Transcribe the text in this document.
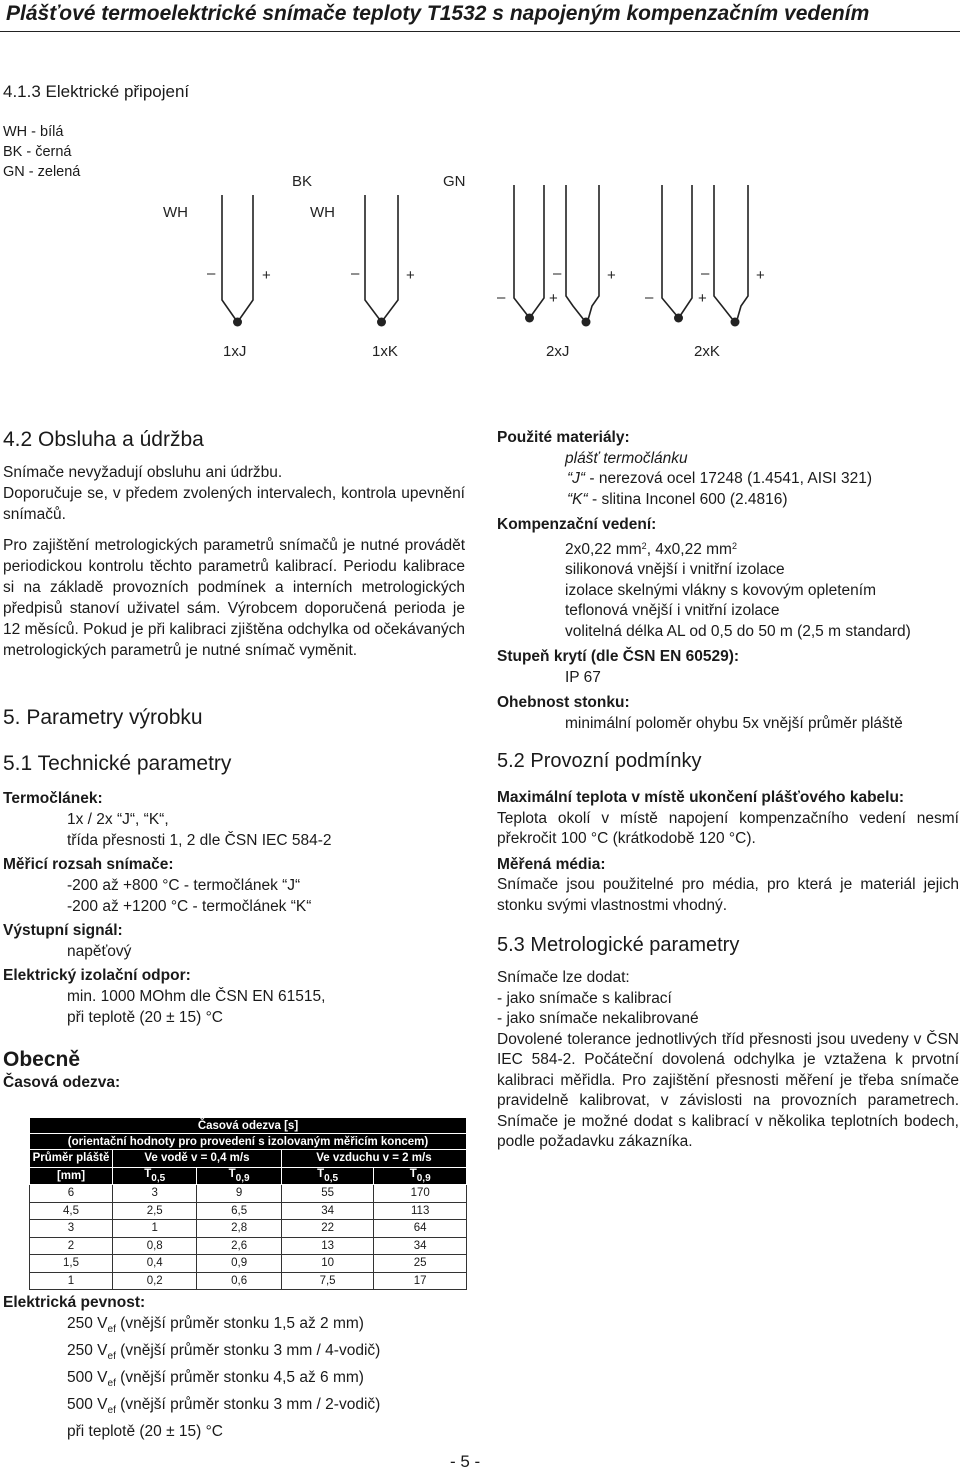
Plášťové termoelektrické snímače teploty T1532 s napojeným kompenzačním vedením
4.1.3 Elektrické připojení
WH - bílá
BK - černá
GN - zelená
WH
BK
WH
GN
–	+	–	+
–	+
–	+
–	+
–	+
1xJ	1xK	2xJ	2xK
4.2 Obsluha a údržba
Snímače nevyžadují obsluhu ani údržbu.
Doporučuje se, v předem zvolených intervalech, kontrola upevnění snímačů.
Pro zajištění metrologických parametrů snímačů je nutné provádět periodickou kontrolu těchto parametrů kalibrací. Periodu kalibrace si na základě provozních podmínek a interních metrologických předpisů stanoví uživatel sám. Výrobcem doporučená perioda je 12 měsíců. Pokud je při kalibraci zjištěna odchylka od očekávaných metrologických parametrů je nutné snímač vyměnit.
5. Parametry výrobku
5.1 Technické parametry
Termočlánek:
1x / 2x “J“, “K“,
třída přesnosti 1, 2 dle ČSN IEC 584-2
Měřicí rozsah snímače:
-200 až +800 °C - termočlánek “J“
-200 až +1200 °C - termočlánek “K“
Výstupní signál:
napěťový
Elektrický izolační odpor:
min. 1000 MOhm dle ČSN EN 61515,
při teplotě (20 ± 15) °C
Obecně
Časová odezva:
Časová odezva [s]				
(orientační hodnoty pro provedení s izolovaným měřicím koncem)				
Průměr pláště	Ve vodě v = 0,4 m/s		Ve vzduchu v = 2 m/s	
[mm]	T0,5	T0,9	T0,5	T0,9
6	3	9	55	170
4,5	2,5	6,5	34	113
3	1	2,8	22	64
2	0,8	2,6	13	34
1,5	0,4	0,9	10	25
1	0,2	0,6	7,5	17
Elektrická pevnost:
250 $V_{ef}$ (vnější průměr stonku 1,5 až 2 mm)
250 $V_{ef}$ (vnější průměr stonku 3 mm / 4-vodič)
500 $V_{ef}$ (vnější průměr stonku 4,5 až 6 mm)
500 $V_{ef}$ (vnější průměr stonku 3 mm / 2-vodič)
při teplotě (20 ± 15) °C
Použité materiály:
plášť termočlánku
“J“ - nerezová ocel 17248 (1.4541, AISI 321)
“K“ - slitina Inconel 600 (2.4816)
Kompenzační vedení:
2x0,22 $mm^2$, 4x0,22 $mm^2$
silikonová vnější i vnitřní izolace
izolace skelnými vlákny s kovovým opletením
teflonová vnější i vnitřní izolace
volitelná délka AL od 0,5 do 50 m (2,5 m standard)
Stupeň krytí (dle ČSN EN 60529):
IP 67
Ohebnost stonku:
minimální poloměr ohybu 5x vnější průměr pláště
5.2 Provozní podmínky
Maximální teplota v místě ukončení plášťového kabelu:
Teplota okolí v místě napojení kompenzačního vedení nesmí překročit 100 °C (krátkodobě 120 °C).
Měřená média:
Snímače jsou použitelné pro média, pro která je materiál jejich stonku svými vlastnostmi vhodný.
5.3 Metrologické parametry
Snímače lze dodat:
- jako snímače s kalibrací
- jako snímače nekalibrované
Dovolené tolerance jednotlivých tříd přesnosti jsou uvedeny v ČSN IEC 584-2. Počáteční dovolená odchylka je vztažena k prvotní kalibraci měřidla. Pro zajištění přesnosti měření je třeba snímače pravidelně kalibrovat, v závislosti na provozních parametrech. Snímače je možné dodat s kalibrací v několika teplotních bodech, podle požadavku zákazníka.
- 5 -
